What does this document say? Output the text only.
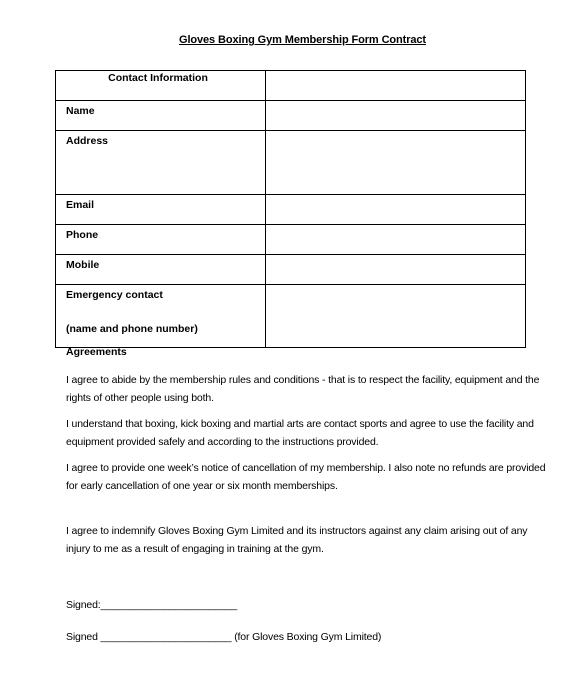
Gloves Boxing Gym Membership Form Contract
Contact Information	

Name	

Address	

Email	

Phone	

Mobile	

Emergency contact
(name and phone number)	

Agreements

I agree to abide by the membership rules and conditions - that is to respect the facility, equipment and the rights of other people using both.

I understand that boxing, kick boxing and martial arts are contact sports and agree to use the facility and equipment provided safely and according to the instructions provided.

I agree to provide one week’s notice of cancellation of my membership. I also note no refunds are provided for early cancellation of one year or six month memberships.

I agree to indemnify Gloves Boxing Gym Limited and its instructors against any claim arising out of any injury to me as a result of engaging in training at the gym.

Signed:________________________

Signed _______________________ (for Gloves Boxing Gym Limited)
